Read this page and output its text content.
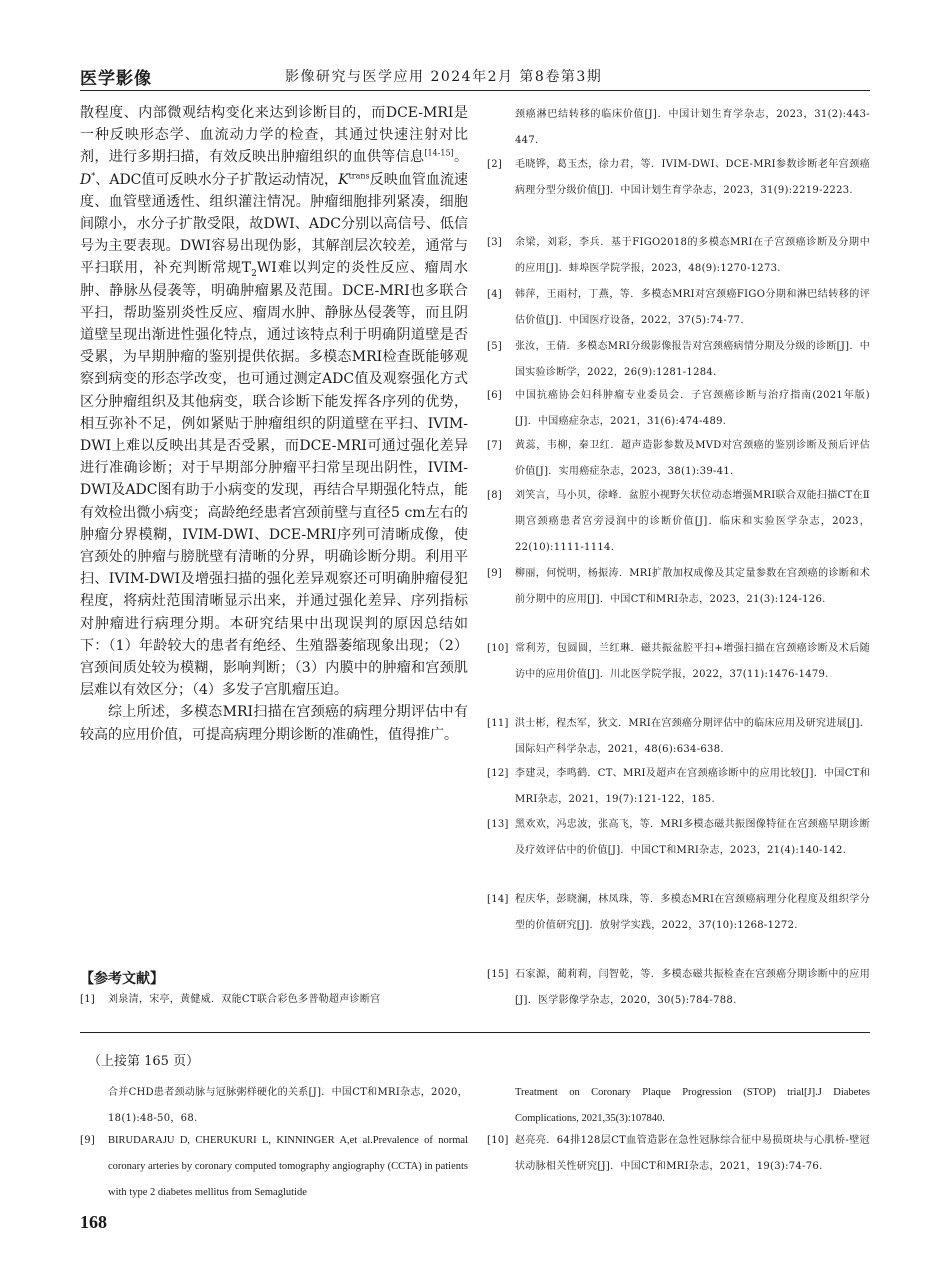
医学影像	影像研究与医学应用 2024年2月 第8卷第3期

散程度、内部微观结构变化来达到诊断目的，而DCE-MRI是一种反映形态学、血流动力学的检查，其通过快速注射对比剂，进行多期扫描，有效反映出肿瘤组织的血供等信息[14-15]。D*、ADC值可反映水分子扩散运动情况，$K^{trans}$反映血管血流速度、血管壁通透性、组织灌注情况。肿瘤细胞排列紧凑，细胞间隙小，水分子扩散受限，故DWI、ADC分别以高信号、低信号为主要表现。DWI容易出现伪影，其解剖层次较差，通常与平扫联用，补充判断常规$T_2WI$难以判定的炎性反应、瘤周水肿、静脉丛侵袭等，明确肿瘤累及范围。DCE-MRI也多联合平扫，帮助鉴别炎性反应、瘤周水肿、静脉丛侵袭等，而且阴道壁呈现出渐进性强化特点，通过该特点利于明确阴道壁是否受累，为早期肿瘤的鉴别提供依据。多模态MRI检查既能够观察到病变的形态学改变，也可通过测定ADC值及观察强化方式区分肿瘤组织及其他病变，联合诊断下能发挥各序列的优势，相互弥补不足，例如紧贴于肿瘤组织的阴道壁在平扫、IVIM-DWI上难以反映出其是否受累，而DCE-MRI可通过强化差异进行准确诊断；对于早期部分肿瘤平扫常呈现出阴性，IVIM-DWI及ADC图有助于小病变的发现，再结合早期强化特点，能有效检出微小病变；高龄绝经患者宫颈前壁与直径5 cm左右的肿瘤分界模糊，IVIM-DWI、DCE-MRI序列可清晰成像，使宫颈处的肿瘤与膀胱壁有清晰的分界，明确诊断分期。利用平扫、IVIM-DWI及增强扫描的强化差异观察还可明确肿瘤侵犯程度，将病灶范围清晰显示出来，并通过强化差异、序列指标对肿瘤进行病理分期。本研究结果中出现误判的原因总结如下：（1）年龄较大的患者有绝经、生殖器萎缩现象出现；（2）宫颈间质处较为模糊，影响判断；（3）内膜中的肿瘤和宫颈肌层难以有效区分；（4）多发子宫肌瘤压迫。

综上所述，多模态MRI扫描在宫颈癌的病理分期评估中有较高的应用价值，可提高病理分期诊断的准确性，值得推广。

【参考文献】
[1] 刘泉清，宋亭，黄健威．双能CT联合彩色多普勒超声诊断宫
颈癌淋巴结转移的临床价值[J]．中国计划生育学杂志，2023，31(2):443-447.
[2] 毛晓铧，葛玉杰，徐力君，等．IVIM-DWI、DCE-MRI参数诊断老年宫颈癌病理分型分级价值[J]．中国计划生育学杂志，2023，31(9):2219-2223.
[3] 余梁，刘彩，李兵．基于FIGO2018的多模态MRI在子宫颈癌诊断及分期中的应用[J]．蚌埠医学院学报，2023，48(9):1270-1273.
[4] 韩萍，王雨村，丁燕，等．多模态MRI对宫颈癌FIGO分期和淋巴结转移的评估价值[J]．中国医疗设备，2022，37(5):74-77.
[5] 张汝，王倩．多模态MRI分级影像报告对宫颈癌病情分期及分级的诊断[J]．中国实验诊断学，2022，26(9):1281-1284.
[6] 中国抗癌协会妇科肿瘤专业委员会．子宫颈癌诊断与治疗指南(2021年版)[J]．中国癌症杂志，2021，31(6):474-489.
[7] 黄蕊，韦柳，秦卫红．超声造影参数及MVD对宫颈癌的鉴别诊断及预后评估价值[J]．实用癌症杂志，2023，38(1):39-41.
[8] 刘笑言，马小贝，徐峰．盆腔小视野矢状位动态增强MRI联合双能扫描CT在Ⅱ期宫颈癌患者宫旁浸润中的诊断价值[J]．临床和实验医学杂志，2023，22(10):1111-1114.
[9] 柳丽，何悦明，杨振涛．MRI扩散加权成像及其定量参数在宫颈癌的诊断和术前分期中的应用[J]．中国CT和MRI杂志，2023，21(3):124-126.
[10] 常利芳，包圆圆，兰红琳．磁共振盆腔平扫+增强扫描在宫颈癌诊断及术后随访中的应用价值[J]．川北医学院学报，2022，37(11):1476-1479.
[11] 洪士彬，程杰军，狄文．MRI在宫颈癌分期评估中的临床应用及研究进展[J]．国际妇产科学杂志，2021，48(6):634-638.
[12] 李建灵，李鸣鹤．CT、MRI及超声在宫颈癌诊断中的应用比较[J]．中国CT和MRI杂志，2021，19(7):121-122，185.
[13] 黑欢欢，冯忠波，张高飞，等．MRI多模态磁共振图像特征在宫颈癌早期诊断及疗效评估中的价值[J]．中国CT和MRI杂志，2023，21(4):140-142.
[14] 程庆华，彭晓澜，林凤珠，等．多模态MRI在宫颈癌病理分化程度及组织学分型的价值研究[J]．放射学实践，2022，37(10):1268-1272.
[15] 石家源，蔺莉莉，闫智乾，等．多模态磁共振检查在宫颈癌分期诊断中的应用[J]．医学影像学杂志，2020，30(5):784-788.
（上接第 165 页）
合并CHD患者颈动脉与冠脉粥样硬化的关系[J]．中国CT和MRI杂志，2020，18(1):48-50，68.
[9] BIRUDARAJU D, CHERUKURI L, KINNINGER A,et al.Prevalence of normal coronary arteries by coronary computed tomography angiography (CCTA) in patients with type 2 diabetes mellitus from Semaglutide
Treatment on Coronary Plaque Progression (STOP) trial[J].J Diabetes Complications, 2021,35(3):107840.
[10] 赵亮亮．64排128层CT血管造影在急性冠脉综合征中易损斑块与心肌桥-壁冠状动脉相关性研究[J]．中国CT和MRI杂志，2021，19(3):74-76.
168
